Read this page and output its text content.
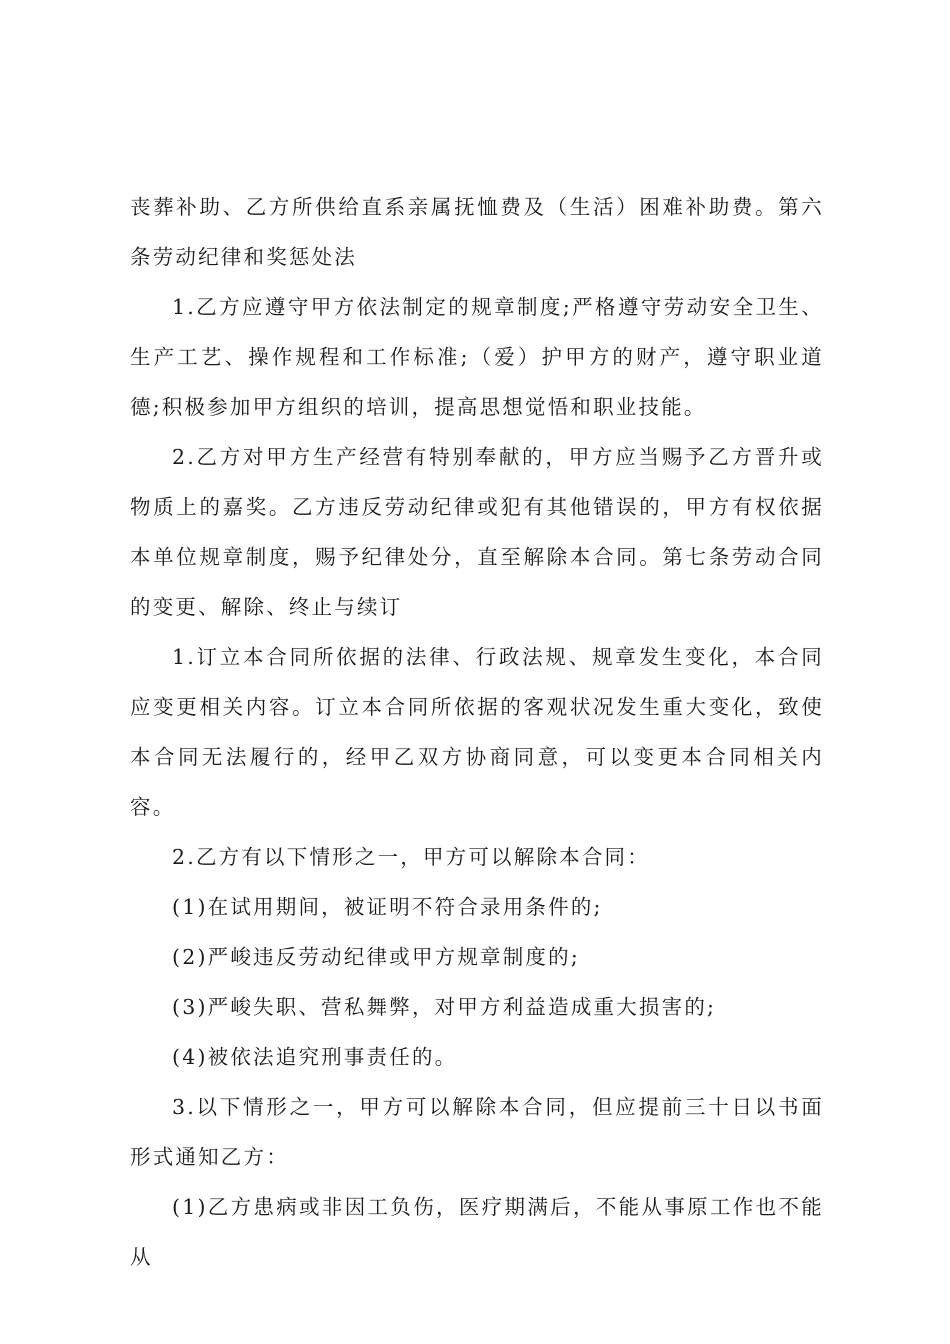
丧葬补助、乙方所供给直系亲属抚恤费及（生活）困难补助费。第六条劳动纪律和奖惩处法

1.乙方应遵守甲方依法制定的规章制度;严格遵守劳动安全卫生、生产工艺、操作规程和工作标准;（爱）护甲方的财产，遵守职业道德;积极参加甲方组织的培训，提高思想觉悟和职业技能。

2.乙方对甲方生产经营有特别奉献的，甲方应当赐予乙方晋升或物质上的嘉奖。乙方违反劳动纪律或犯有其他错误的，甲方有权依据本单位规章制度，赐予纪律处分，直至解除本合同。第七条劳动合同的变更、解除、终止与续订

1.订立本合同所依据的法律、行政法规、规章发生变化，本合同应变更相关内容。订立本合同所依据的客观状况发生重大变化，致使本合同无法履行的，经甲乙双方协商同意，可以变更本合同相关内容。

2.乙方有以下情形之一，甲方可以解除本合同：

(1)在试用期间，被证明不符合录用条件的;

(2)严峻违反劳动纪律或甲方规章制度的;

(3)严峻失职、营私舞弊，对甲方利益造成重大损害的;

(4)被依法追究刑事责任的。

3.以下情形之一，甲方可以解除本合同，但应提前三十日以书面形式通知乙方：

(1)乙方患病或非因工负伤，医疗期满后，不能从事原工作也不能从
